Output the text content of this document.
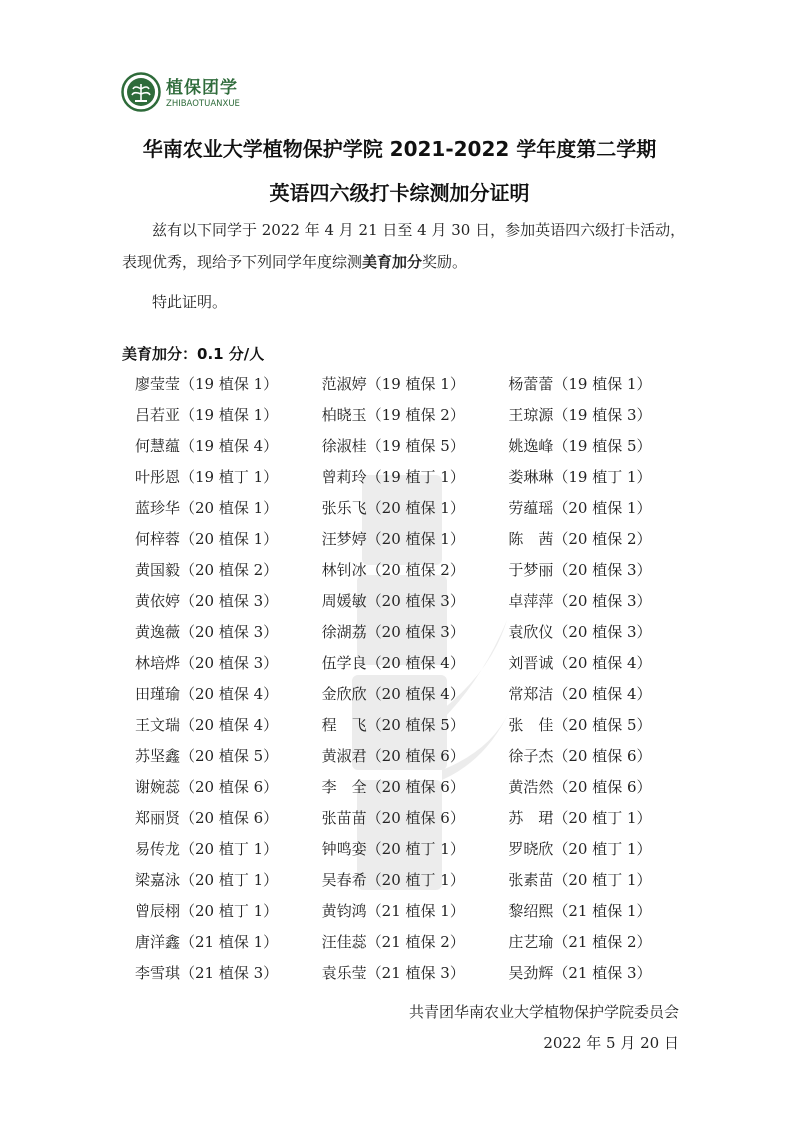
植保团学
ZHIBAOTUANXUE
华南农业大学植物保护学院 2021-2022 学年度第二学期
英语四六级打卡综测加分证明

兹有以下同学于 2022 年 4 月 21 日至 4 月 30 日，参加英语四六级打卡活动，表现优秀，现给予下列同学年度综测美育加分奖励。

特此证明。

美育加分：0.1 分/人
廖莹莹（19 植保 1）	范淑婷（19 植保 1）	杨蕾蕾（19 植保 1）
吕若亚（19 植保 1）	柏晓玉（19 植保 2）	王琼源（19 植保 3）
何慧蕴（19 植保 4）	徐淑桂（19 植保 5）	姚逸峰（19 植保 5）
叶彤恩（19 植丁 1）	曾莉玲（19 植丁 1）	娄琳琳（19 植丁 1）
蓝珍华（20 植保 1）	张乐飞（20 植保 1）	劳蕴瑶（20 植保 1）
何梓蓉（20 植保 1）	汪梦婷（20 植保 1）	陈　茜（20 植保 2）
黄国毅（20 植保 2）	林钊冰（20 植保 2）	于梦丽（20 植保 3）
黄依婷（20 植保 3）	周媛敏（20 植保 3）	卓萍萍（20 植保 3）
黄逸薇（20 植保 3）	徐湖荔（20 植保 3）	袁欣仪（20 植保 3）
林培烨（20 植保 3）	伍学良（20 植保 4）	刘晋诚（20 植保 4）
田瑾瑜（20 植保 4）	金欣欣（20 植保 4）	常郑洁（20 植保 4）
王文瑞（20 植保 4）	程　飞（20 植保 5）	张　佳（20 植保 5）
苏坚鑫（20 植保 5）	黄淑君（20 植保 6）	徐子杰（20 植保 6）
谢婉蕊（20 植保 6）	李　全（20 植保 6）	黄浩然（20 植保 6）
郑丽贤（20 植保 6）	张苗苗（20 植保 6）	苏　珺（20 植丁 1）
易传龙（20 植丁 1）	钟鸣娈（20 植丁 1）	罗晓欣（20 植丁 1）
梁嘉泳（20 植丁 1）	吴春希（20 植丁 1）	张素苗（20 植丁 1）
曾辰栩（20 植丁 1）	黄钧鸿（21 植保 1）	黎绍熙（21 植保 1）
唐洋鑫（21 植保 1）	汪佳蕊（21 植保 2）	庄艺瑜（21 植保 2）
李雪琪（21 植保 3）	袁乐莹（21 植保 3）	吴劲辉（21 植保 3）
共青团华南农业大学植物保护学院委员会
2022 年 5 月 20 日
